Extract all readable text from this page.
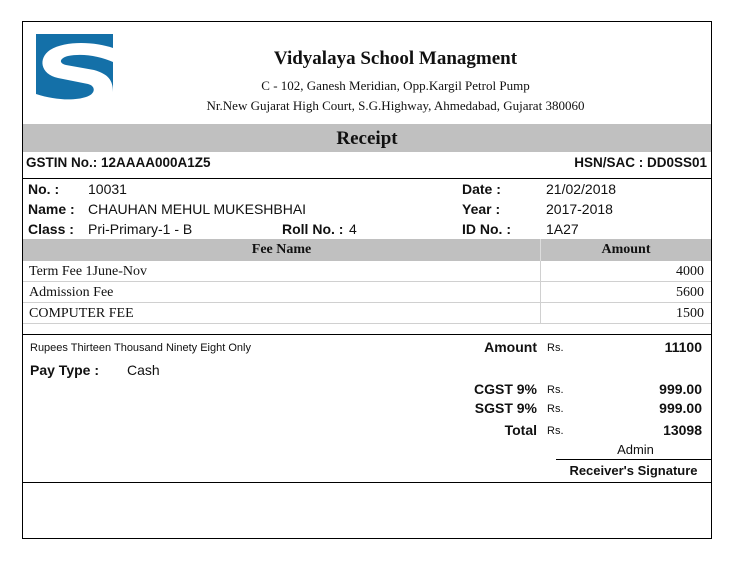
Vidyalaya School Managment
C - 102, Ganesh Meridian, Opp.Kargil Petrol Pump
Nr.New Gujarat High Court, S.G.Highway, Ahmedabad, Gujarat 380060
Receipt
GSTIN No.: 12AAAA000A1Z5	HSN/SAC : DD0SS01
No. : 10031
Name : CHAUHAN MEHUL MUKESHBHAI
Class : Pri-Primary-1 - B	Roll No. : 4
Date :	21/02/2018
Year :	2017-2018
ID No. :	1A27
Fee Name	Amount
Term Fee 1June-Nov	4000
Admission Fee	5600
COMPUTER FEE	1500
Rupees Thirteen Thousand Ninety Eight Only
Pay Type : Cash
Amount Rs.	11100
CGST 9% Rs.	999.00
SGST 9% Rs.	999.00
Total Rs.	13098
Admin
Receiver's Signature
